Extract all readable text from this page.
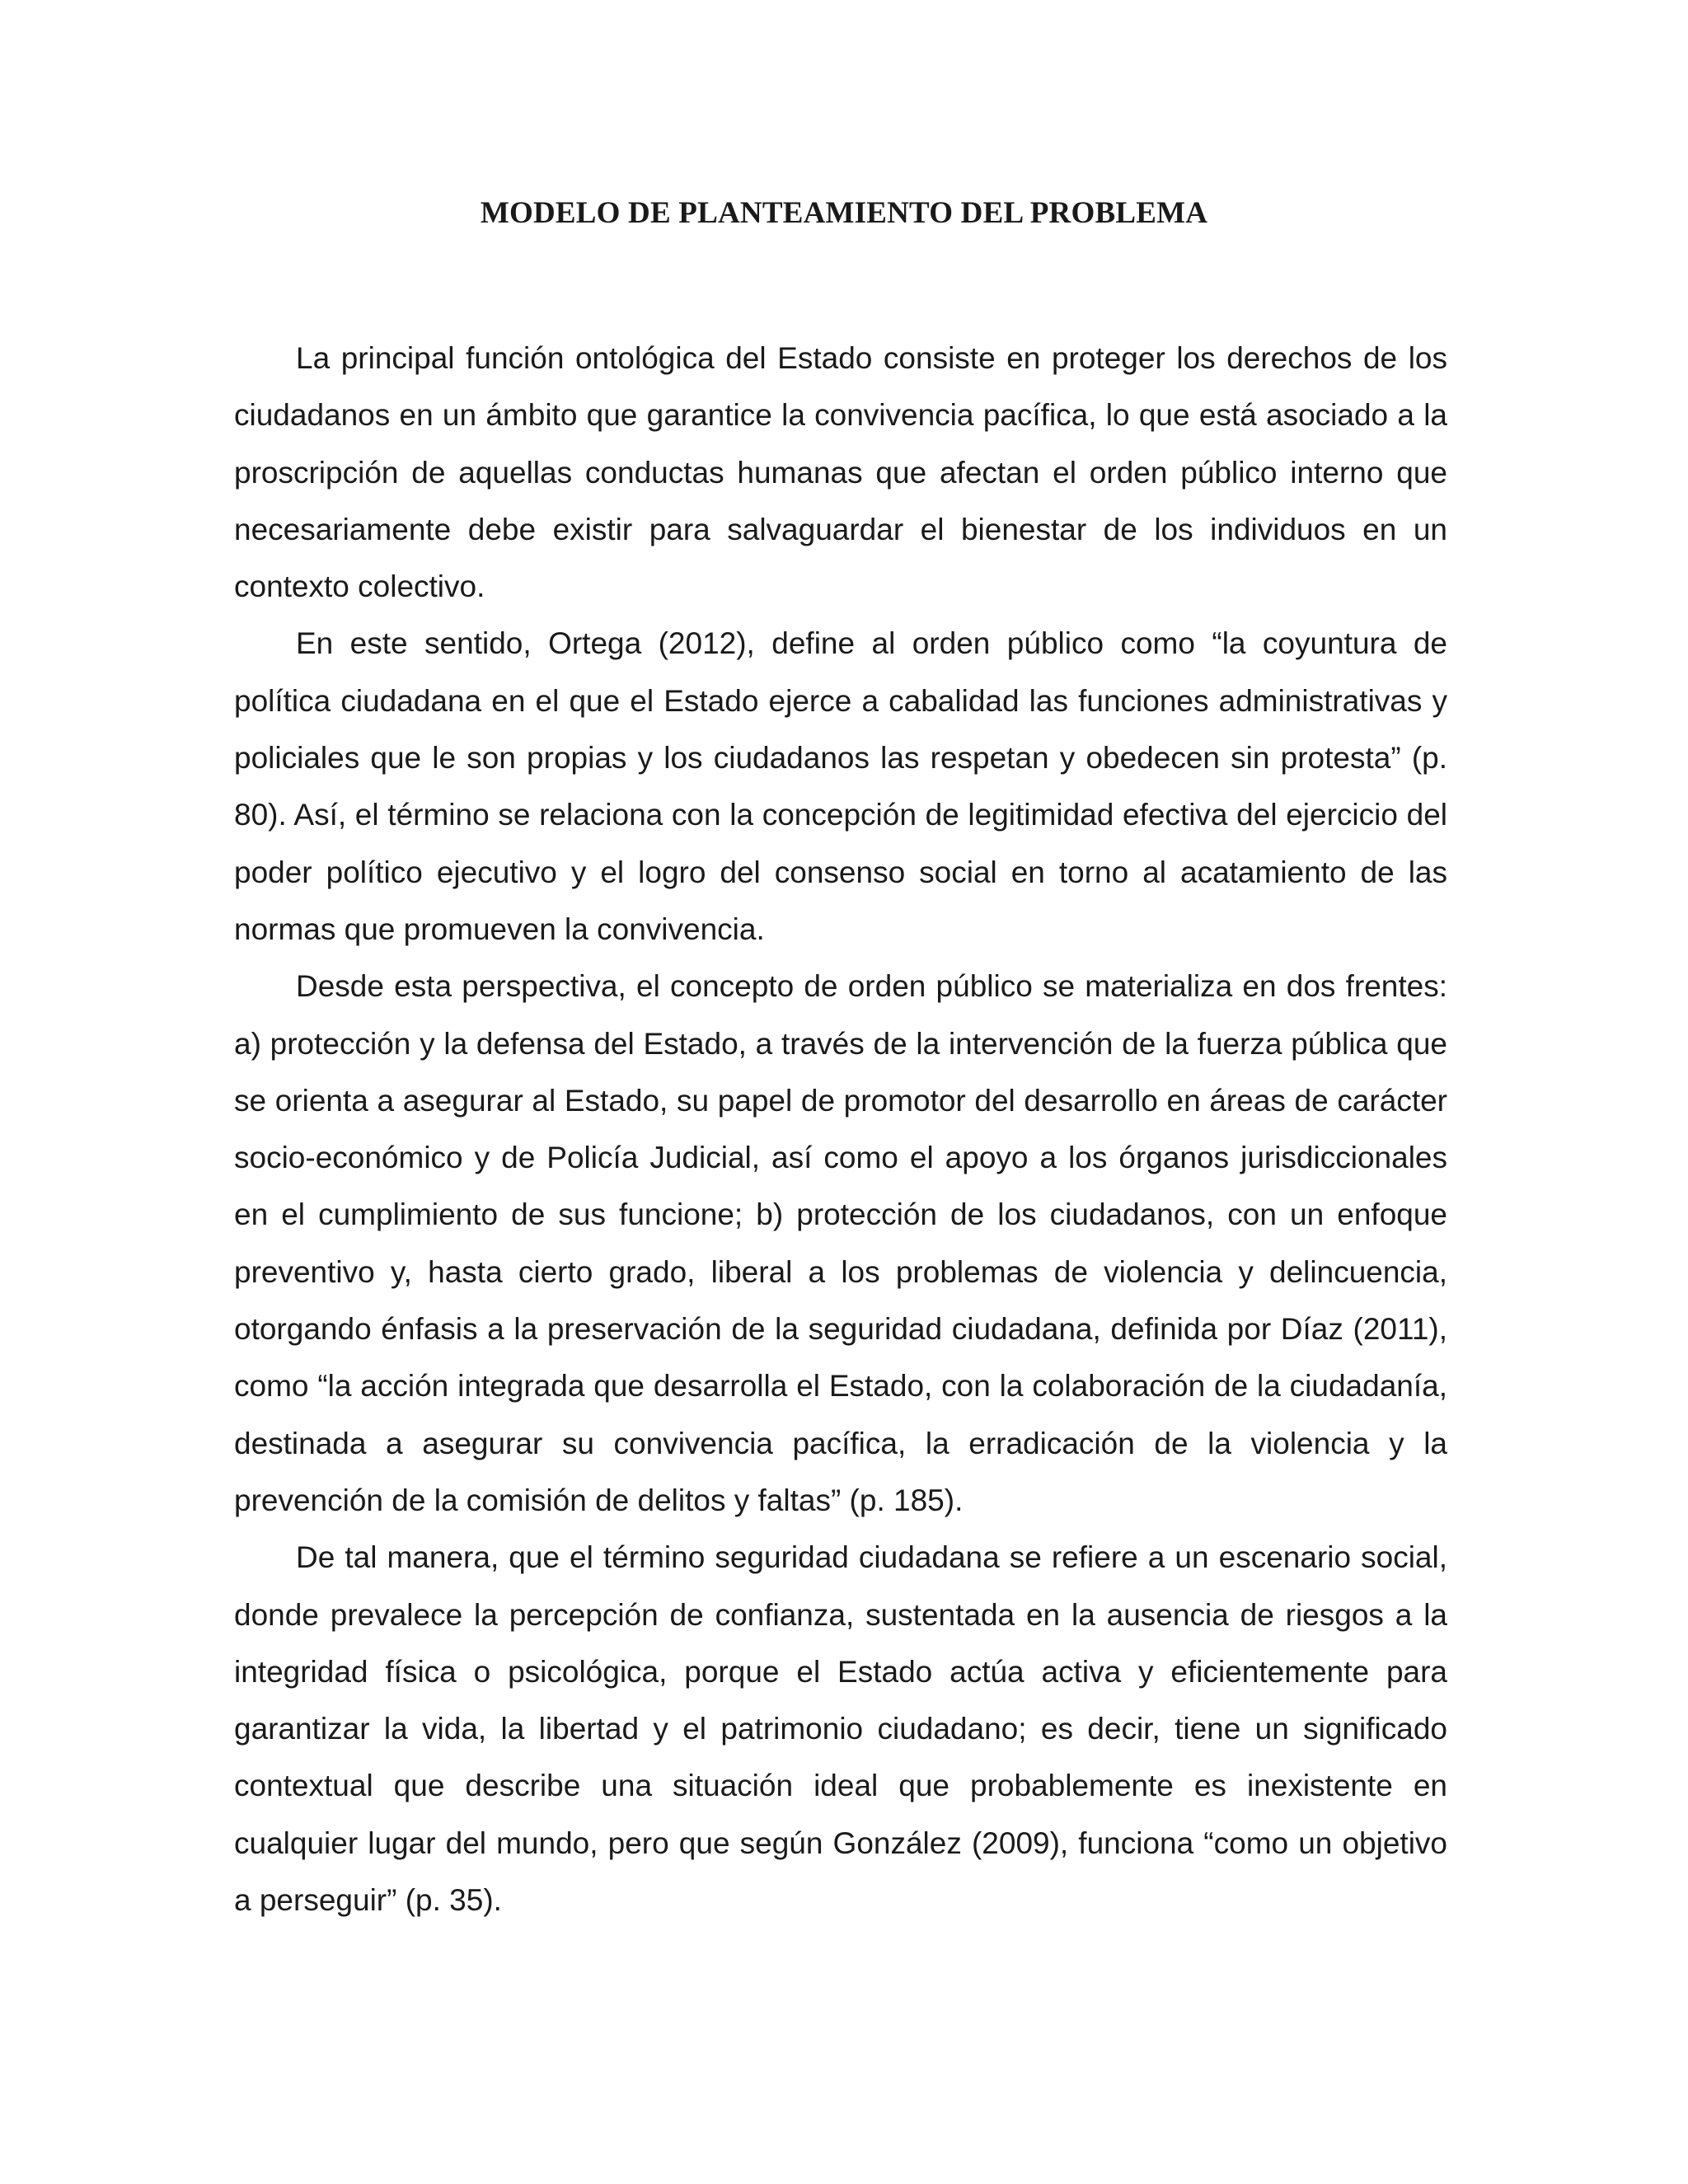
MODELO DE PLANTEAMIENTO DEL PROBLEMA

La principal función ontológica del Estado consiste en proteger los derechos de los ciudadanos en un ámbito que garantice la convivencia pacífica, lo que está asociado a la proscripción de aquellas conductas humanas que afectan el orden público interno que necesariamente debe existir para salvaguardar el bienestar de los individuos en un contexto colectivo.

En este sentido, Ortega (2012), define al orden público como “la coyuntura de política ciudadana en el que el Estado ejerce a cabalidad las funciones administrativas y policiales que le son propias y los ciudadanos las respetan y obedecen sin protesta” (p. 80). Así, el término se relaciona con la concepción de legitimidad efectiva del ejercicio del poder político ejecutivo y el logro del consenso social en torno al acatamiento de las normas que promueven la convivencia.

Desde esta perspectiva, el concepto de orden público se materializa en dos frentes: a) protección y la defensa del Estado, a través de la intervención de la fuerza pública que se orienta a asegurar al Estado, su papel de promotor del desarrollo en áreas de carácter socio-económico y de Policía Judicial, así como el apoyo a los órganos jurisdiccionales en el cumplimiento de sus funcione; b) protección de los ciudadanos, con un enfoque preventivo y, hasta cierto grado, liberal a los problemas de violencia y delincuencia, otorgando énfasis a la preservación de la seguridad ciudadana, definida por Díaz (2011), como “la acción integrada que desarrolla el Estado, con la colaboración de la ciudadanía, destinada a asegurar su convivencia pacífica, la erradicación de la violencia y la prevención de la comisión de delitos y faltas” (p. 185).

De tal manera, que el término seguridad ciudadana se refiere a un escenario social, donde prevalece la percepción de confianza, sustentada en la ausencia de riesgos a la integridad física o psicológica, porque el Estado actúa activa y eficientemente para garantizar la vida, la libertad y el patrimonio ciudadano; es decir, tiene un significado contextual que describe una situación ideal que probablemente es inexistente en cualquier lugar del mundo, pero que según González (2009), funciona “como un objetivo a perseguir” (p. 35).
